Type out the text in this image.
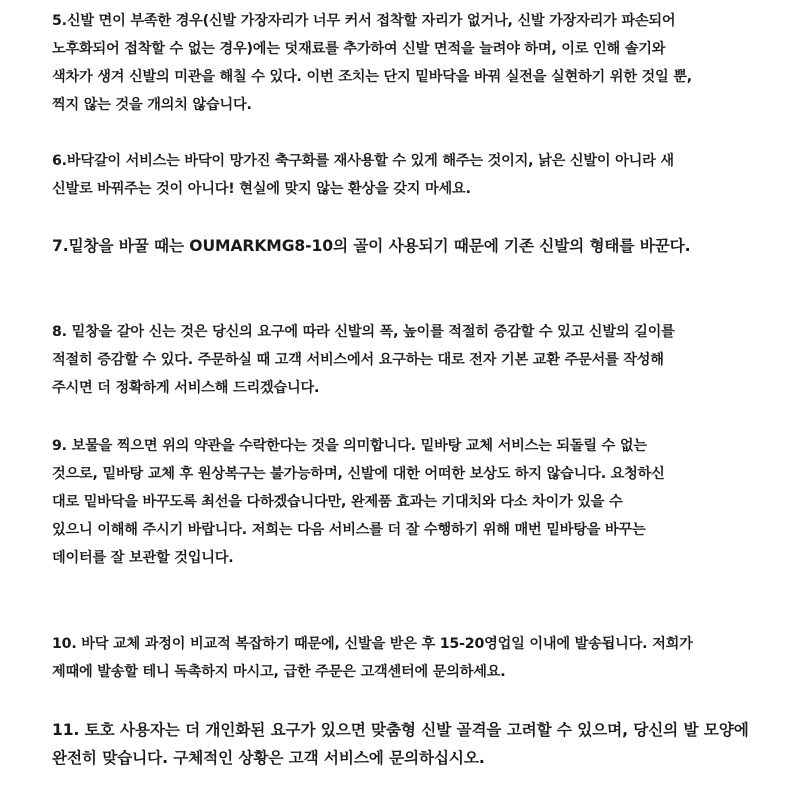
5.신발 면이 부족한 경우(신발 가장자리가 너무 커서 접착할 자리가 없거나, 신발 가장자리가 파손되어
노후화되어 접착할 수 없는 경우)에는 덧재료를 추가하여 신발 면적을 늘려야 하며, 이로 인해 솔기와
색차가 생겨 신발의 미관을 해칠 수 있다. 이번 조치는 단지 밑바닥을 바꿔 실전을 실현하기 위한 것일 뿐,
찍지 않는 것을 개의치 않습니다.

6.바닥갈이 서비스는 바닥이 망가진 축구화를 재사용할 수 있게 해주는 것이지, 낡은 신발이 아니라 새
신발로 바꿔주는 것이 아니다! 현실에 맞지 않는 환상을 갖지 마세요.

7.밑창을 바꿀 때는 OUMARKMG8-10의 골이 사용되기 때문에 기존 신발의 형태를 바꾼다.

8. 밑창을 갈아 신는 것은 당신의 요구에 따라 신발의 폭, 높이를 적절히 증감할 수 있고 신발의 길이를
적절히 증감할 수 있다. 주문하실 때 고객 서비스에서 요구하는 대로 전자 기본 교환 주문서를 작성해
주시면 더 정확하게 서비스해 드리겠습니다.

9. 보물을 찍으면 위의 약관을 수락한다는 것을 의미합니다. 밑바탕 교체 서비스는 되돌릴 수 없는
것으로, 밑바탕 교체 후 원상복구는 불가능하며, 신발에 대한 어떠한 보상도 하지 않습니다. 요청하신
대로 밑바닥을 바꾸도록 최선을 다하겠습니다만, 완제품 효과는 기대치와 다소 차이가 있을 수
있으니 이해해 주시기 바랍니다. 저희는 다음 서비스를 더 잘 수행하기 위해 매번 밑바탕을 바꾸는
데이터를 잘 보관할 것입니다.

10. 바닥 교체 과정이 비교적 복잡하기 때문에, 신발을 받은 후 15-20영업일 이내에 발송됩니다. 저희가
제때에 발송할 테니 독촉하지 마시고, 급한 주문은 고객센터에 문의하세요.

11. 토호 사용자는 더 개인화된 요구가 있으면 맞춤형 신발 골격을 고려할 수 있으며, 당신의 발 모양에
완전히 맞습니다. 구체적인 상황은 고객 서비스에 문의하십시오.
